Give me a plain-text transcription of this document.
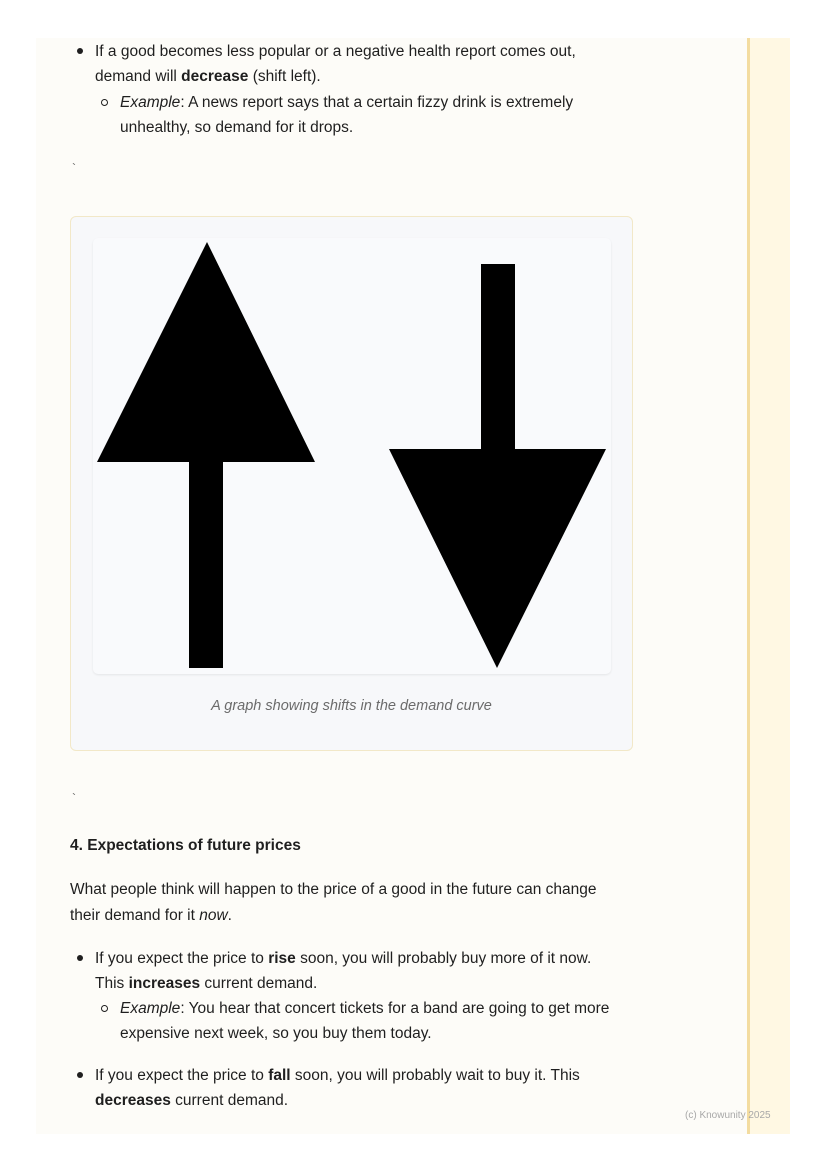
If a good becomes less popular or a negative health report comes out,
demand will decrease (shift left).
Example: A news report says that a certain fizzy drink is extremely
unhealthy, so demand for it drops.
`
A graph showing shifts in the demand curve
`
4. Expectations of future prices
What people think will happen to the price of a good in the future can change
their demand for it now.
If you expect the price to rise soon, you will probably buy more of it now.
This increases current demand.
Example: You hear that concert tickets for a band are going to get more
expensive next week, so you buy them today.
If you expect the price to fall soon, you will probably wait to buy it. This
decreases current demand.
(c) Knowunity 2025
